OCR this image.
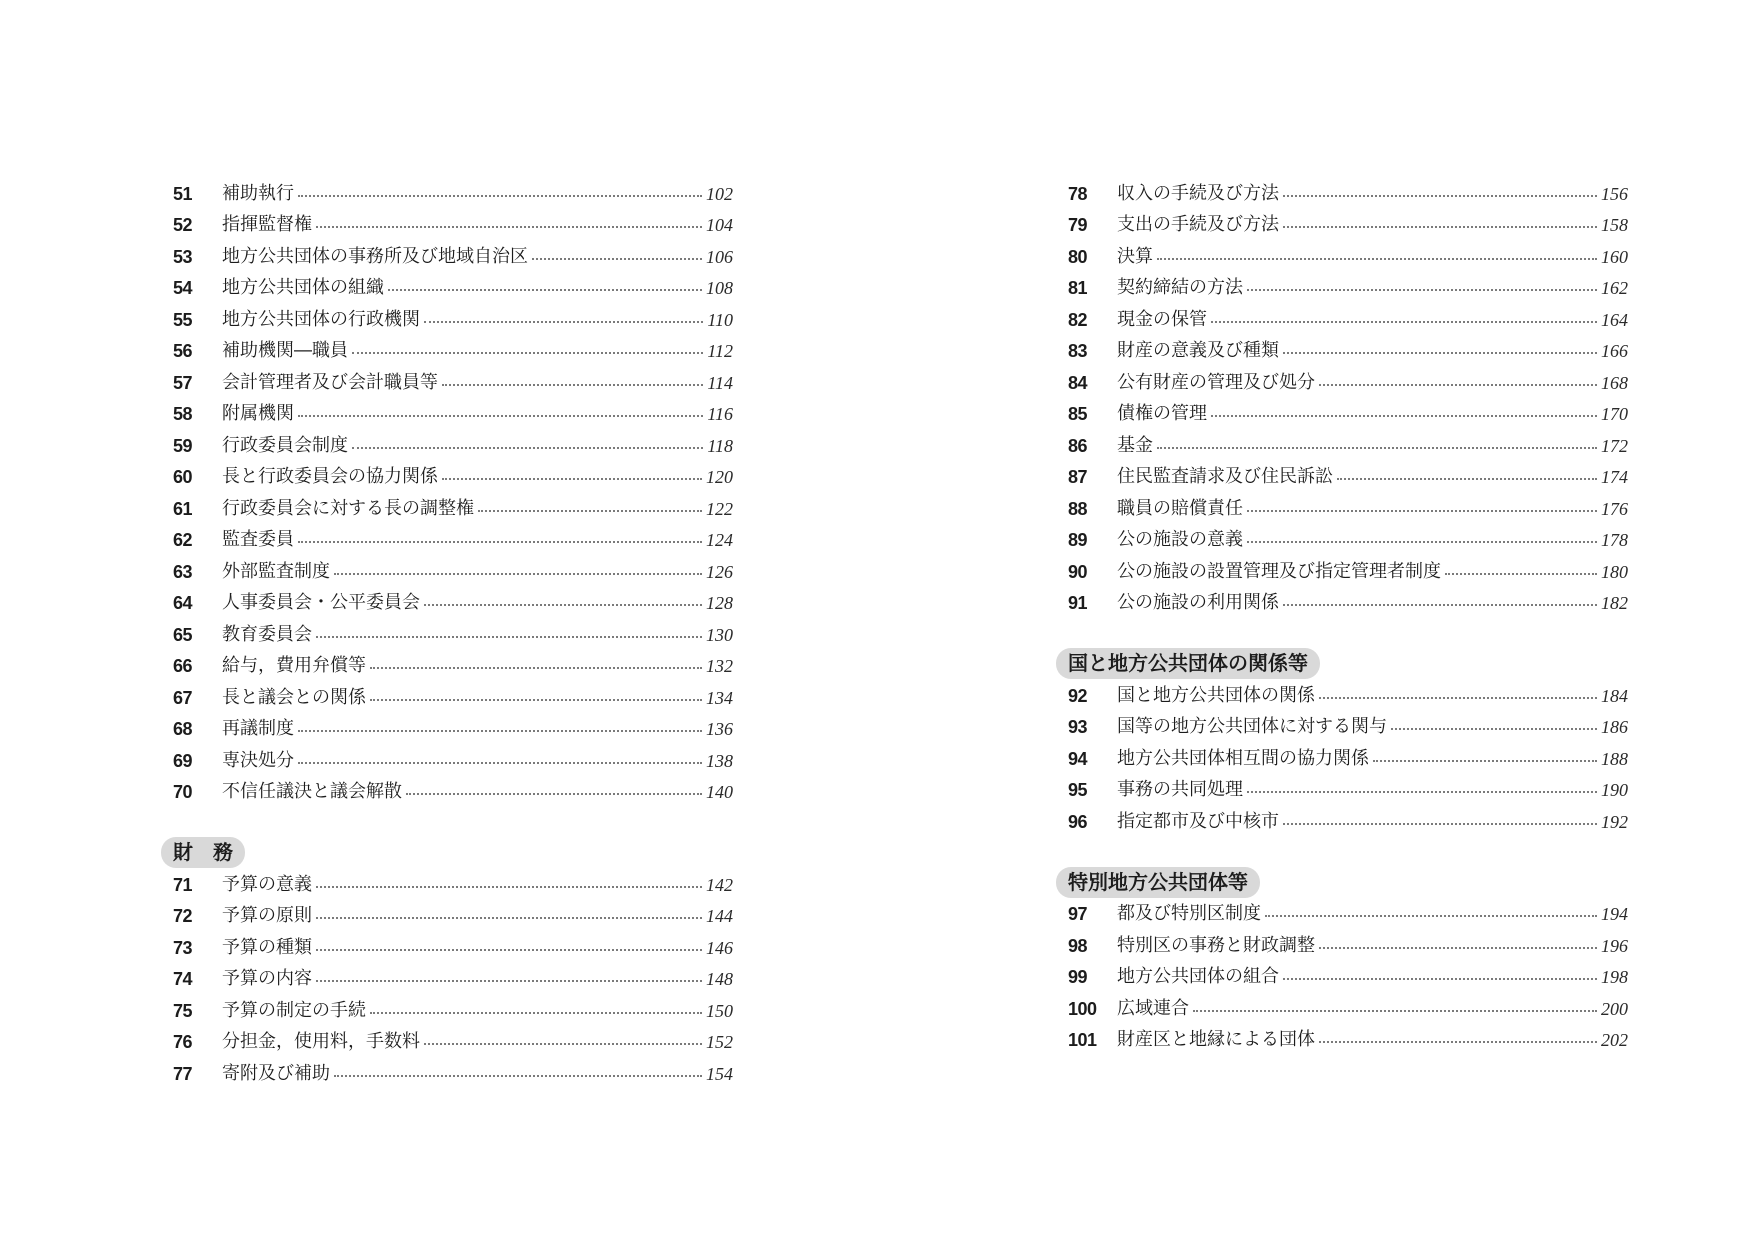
51	補助執行	102
52	指揮監督権	104
53	地方公共団体の事務所及び地域自治区	106
54	地方公共団体の組織	108
55	地方公共団体の行政機関	110
56	補助機関―職員	112
57	会計管理者及び会計職員等	114
58	附属機関	116
59	行政委員会制度	118
60	長と行政委員会の協力関係	120
61	行政委員会に対する長の調整権	122
62	監査委員	124
63	外部監査制度	126
64	人事委員会・公平委員会	128
65	教育委員会	130
66	給与，費用弁償等	132
67	長と議会との関係	134
68	再議制度	136
69	専決処分	138
70	不信任議決と議会解散	140
財　務
71	予算の意義	142
72	予算の原則	144
73	予算の種類	146
74	予算の内容	148
75	予算の制定の手続	150
76	分担金，使用料，手数料	152
77	寄附及び補助	154
78	収入の手続及び方法	156
79	支出の手続及び方法	158
80	決算	160
81	契約締結の方法	162
82	現金の保管	164
83	財産の意義及び種類	166
84	公有財産の管理及び処分	168
85	債権の管理	170
86	基金	172
87	住民監査請求及び住民訴訟	174
88	職員の賠償責任	176
89	公の施設の意義	178
90	公の施設の設置管理及び指定管理者制度	180
91	公の施設の利用関係	182
国と地方公共団体の関係等
92	国と地方公共団体の関係	184
93	国等の地方公共団体に対する関与	186
94	地方公共団体相互間の協力関係	188
95	事務の共同処理	190
96	指定都市及び中核市	192
特別地方公共団体等
97	都及び特別区制度	194
98	特別区の事務と財政調整	196
99	地方公共団体の組合	198
100	広域連合	200
101	財産区と地縁による団体	202
